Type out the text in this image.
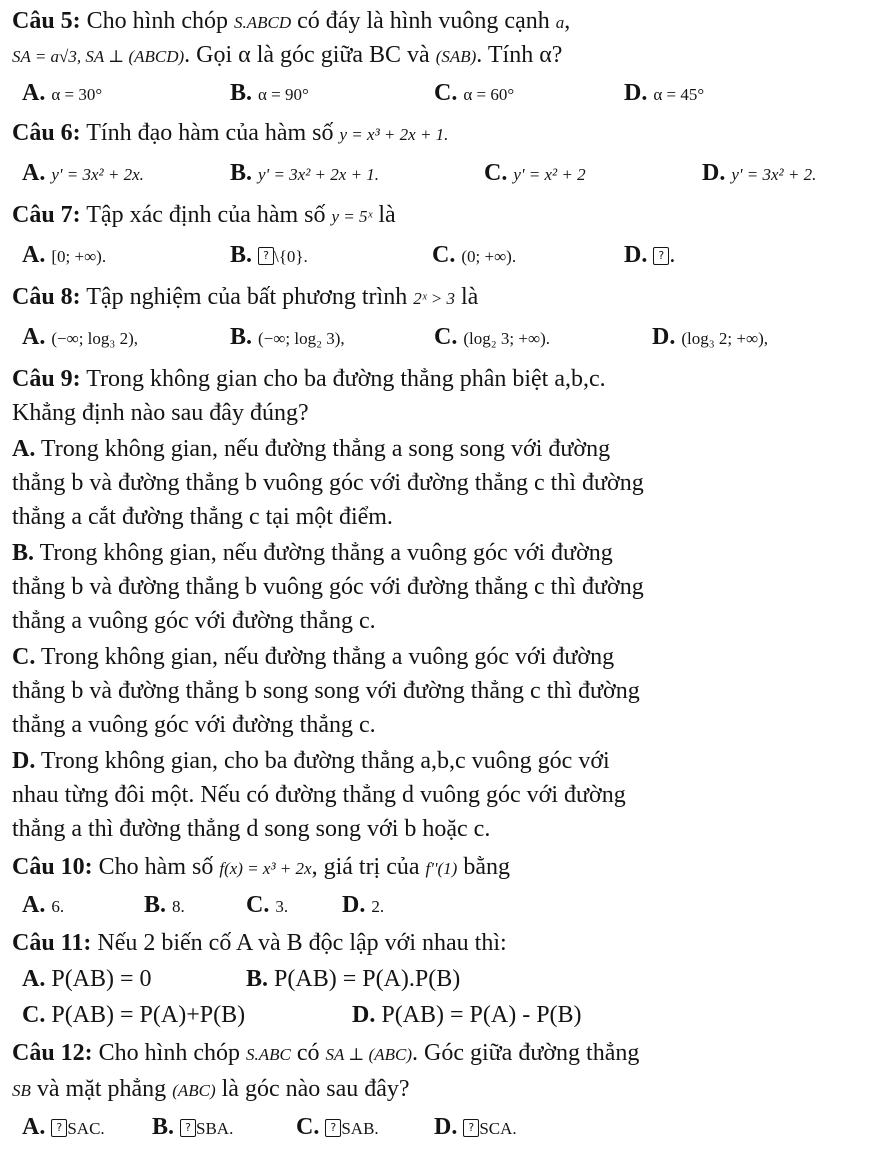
Câu 5: Cho hình chóp S.ABCD có đáy là hình vuông cạnh a,
SA = a√3, SA ⊥ (ABCD). Gọi α là góc giữa BC và (SAB). Tính α?
A. α = 30°	B. α = 90°	C. α = 60°	D. α = 45°
Câu 6: Tính đạo hàm của hàm số y = x³ + 2x + 1.
A. y' = 3x² + 2x.	B. y' = 3x² + 2x + 1.	C. y' = x² + 2	D. y' = 3x² + 2.
Câu 7: Tập xác định của hàm số y = 5ˣ là
A. [0; +∞).	B. ? \{0}.	C. (0; +∞).	D. ? .
Câu 8: Tập nghiệm của bất phương trình 2ˣ > 3 là
A. (−∞; log₃ 2),	B. (−∞; log₂ 3),	C. (log₂ 3; +∞).	D. (log₃ 2; +∞),
Câu 9: Trong không gian cho ba đường thẳng phân biệt a,b,c.
Khẳng định nào sau đây đúng?
A. Trong không gian, nếu đường thẳng a song song với đường
thẳng b và đường thẳng b vuông góc với đường thẳng c thì đường
thẳng a cắt đường thẳng c tại một điểm.
B. Trong không gian, nếu đường thẳng a vuông góc với đường
thẳng b và đường thẳng b vuông góc với đường thẳng c thì đường
thẳng a vuông góc với đường thẳng c.
C. Trong không gian, nếu đường thẳng a vuông góc với đường
thẳng b và đường thẳng b song song với đường thẳng c thì đường
thẳng a vuông góc với đường thẳng c.
D. Trong không gian, cho ba đường thẳng a,b,c vuông góc với
nhau từng đôi một. Nếu có đường thẳng d vuông góc với đường
thẳng a thì đường thẳng d song song với b hoặc c.
Câu 10: Cho hàm số f(x) = x³ + 2x, giá trị của f''(1) bằng
A. 6.	B. 8.	C. 3. D. 2.
Câu 11: Nếu 2 biến cố A và B độc lập với nhau thì:
A. P(AB) = 0	B. P(AB) = P(A).P(B)
C. P(AB) = P(A)+P(B)	D. P(AB) = P(A) - P(B)
Câu 12: Cho hình chóp S.ABC có SA ⊥ (ABC). Góc giữa đường thẳng
SB và mặt phẳng (ABC) là góc nào sau đây?
A. ? SAC. B. ? SBA.	C. ? SAB. D. ? SCA.
